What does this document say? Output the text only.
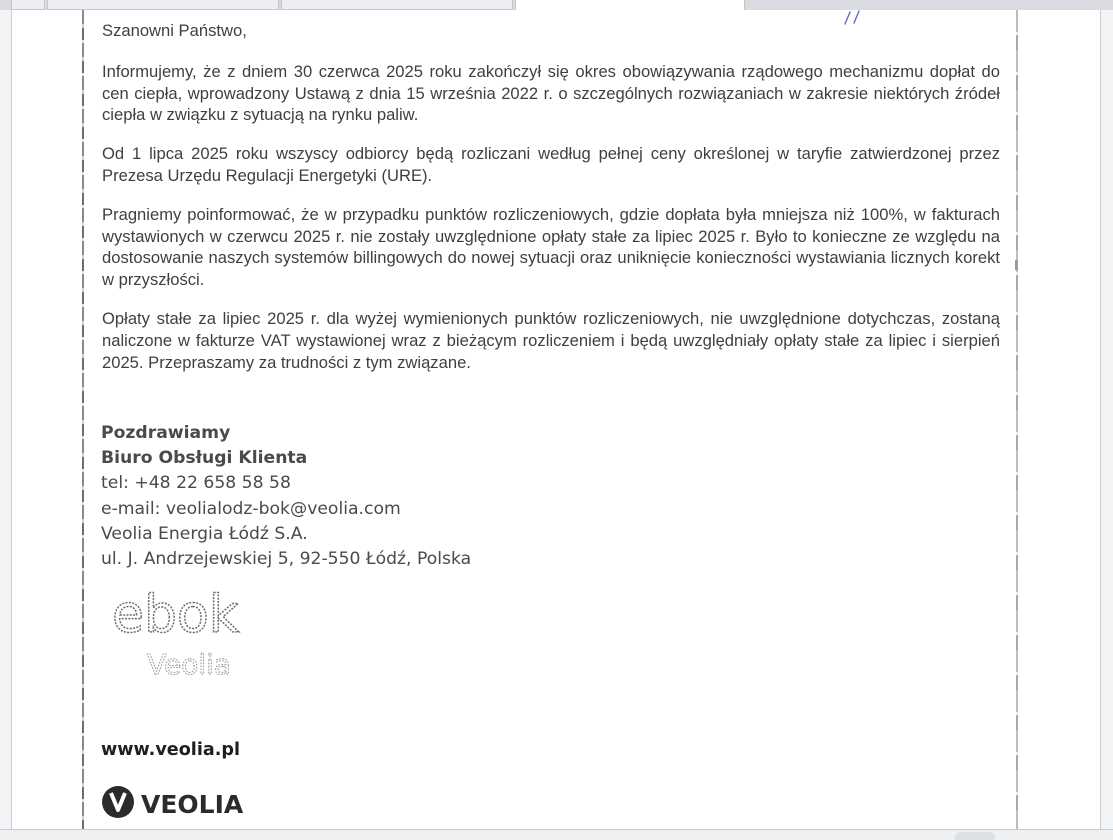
Szanowni Państwo,

Informujemy, że z dniem 30 czerwca 2025 roku zakończył się okres obowiązywania rządowego mechanizmu dopłat do cen ciepła, wprowadzony Ustawą z dnia 15 września 2022 r. o szczególnych rozwiązaniach w zakresie niektórych źródeł ciepła w związku z sytuacją na rynku paliw.

Od 1 lipca 2025 roku wszyscy odbiorcy będą rozliczani według pełnej ceny określonej w taryfie zatwierdzonej przez Prezesa Urzędu Regulacji Energetyki (URE).

Pragniemy poinformować, że w przypadku punktów rozliczeniowych, gdzie dopłata była mniejsza niż 100%, w fakturach wystawionych w czerwcu 2025 r. nie zostały uwzględnione opłaty stałe za lipiec 2025 r. Było to konieczne ze względu na dostosowanie naszych systemów billingowych do nowej sytuacji oraz uniknięcie konieczności wystawiania licznych korekt w przyszłości.

Opłaty stałe za lipiec 2025 r. dla wyżej wymienionych punktów rozliczeniowych, nie uwzględnione dotychczas, zostaną naliczone w fakturze VAT wystawionej wraz z bieżącym rozliczeniem i będą uwzględniały opłaty stałe za lipiec i sierpień 2025. Przepraszamy za trudności z tym związane.

Pozdrawiamy
Biuro Obsługi Klienta
tel: +48 22 658 58 58
e-mail: veolialodz-bok@veolia.com
Veolia Energia Łódź S.A.
ul. J. Andrzejewskiej 5, 92-550 Łódź, Polska
ebok
Veolia
www.veolia.pl
VEOLIA
